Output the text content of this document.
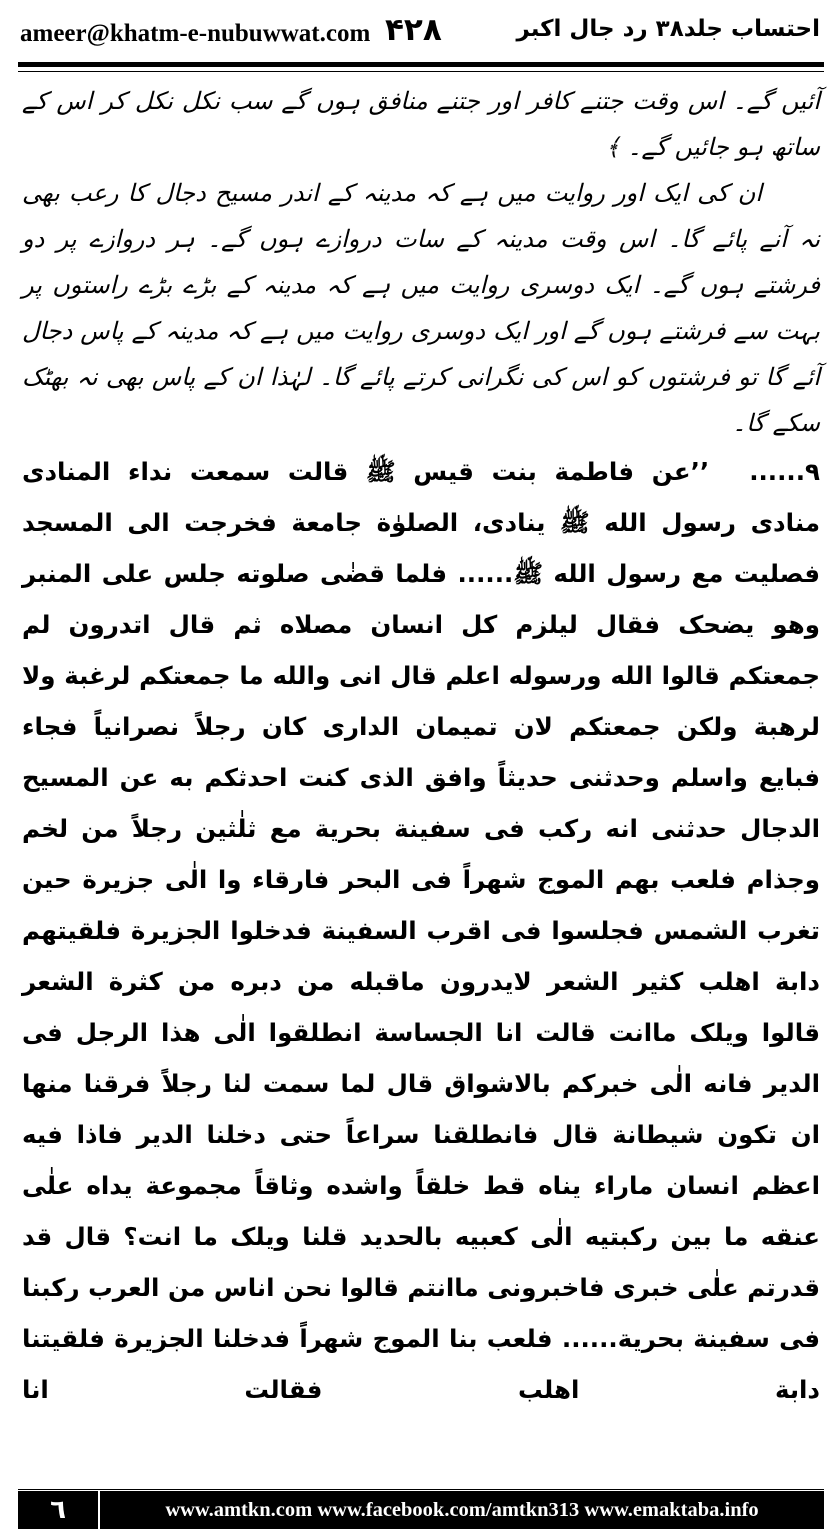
ameer@khatm-e-nubuwwat.com ۴۲۸	احتساب جلد۳۸ رد جال اکبر

آئیں گے۔ اس وقت جتنے کافر اور جتنے منافق ہوں گے سب نکل نکل کر اس کے ساتھ ہو جائیں گے۔ ﴾

ان کی ایک اور روایت میں ہے کہ مدینہ کے اندر مسیح دجال کا رعب بھی نہ آنے پائے گا۔ اس وقت مدینہ کے سات دروازے ہوں گے۔ ہر دروازے پر دو فرشتے ہوں گے۔ ایک دوسری روایت میں ہے کہ مدینہ کے بڑے بڑے راستوں پر بہت سے فرشتے ہوں گے اور ایک دوسری روایت میں ہے کہ مدینہ کے پاس دجال آئے گا تو فرشتوں کو اس کی نگرانی کرتے پائے گا۔ لہٰذا ان کے پاس بھی نہ بھٹک سکے گا۔

۹......’’عن فاطمة بنت قيس ﷺ قالت سمعت نداء المنادى منادى رسول الله ﷺ ينادى، الصلوٰة جامعة فخرجت الى المسجد فصليت مع رسول الله ﷺ...... فلما قضٰى صلوته جلس على المنبر وهو يضحک فقال ليلزم كل انسان مصلاه ثم قال اتدرون لم جمعتكم قالوا الله ورسوله اعلم قال انى والله ما جمعتكم لرغبة ولا لرهبة ولكن جمعتكم لان تميمان الدارى كان رجلاً نصرانياً فجاء فبايع واسلم وحدثنى حديثاً وافق الذى كنت احدثكم به عن المسيح الدجال حدثنى انه ركب فى سفينة بحرية مع ثلٰثين رجلاً من لخم وجذام فلعب بهم الموج شهراً فى البحر فارقاء وا الٰى جزيرة حين تغرب الشمس فجلسوا فى اقرب السفينة فدخلوا الجزيرة فلقيتهم دابة اهلب كثير الشعر لايدرون ماقبله من دبره من كثرة الشعر قالوا ويلک ماانت قالت انا الجساسة انطلقوا الٰى هذا الرجل فى الدير فانه الٰى خبركم بالاشواق قال لما سمت لنا رجلاً فرقنا منها ان تكون شيطانة قال فانطلقنا سراعاً حتى دخلنا الدير فاذا فيه اعظم انسان ماراء يناه قط خلقاً واشده وثاقاً مجموعة يداه علٰى عنقه ما بين ركبتيه الٰى كعبيه بالحديد قلنا ويلک ما انت؟ قال قد قدرتم علٰى خبرى فاخبرونى ماانتم قالوا نحن اناس من العرب ركبنا فى سفينة بحرية...... فلعب بنا الموج شهراً فدخلنا الجزيرة فلقيتنا دابة اهلب فقالت انا

٦	www.amtkn.com www.facebook.com/amtkn313 www.emaktaba.info
